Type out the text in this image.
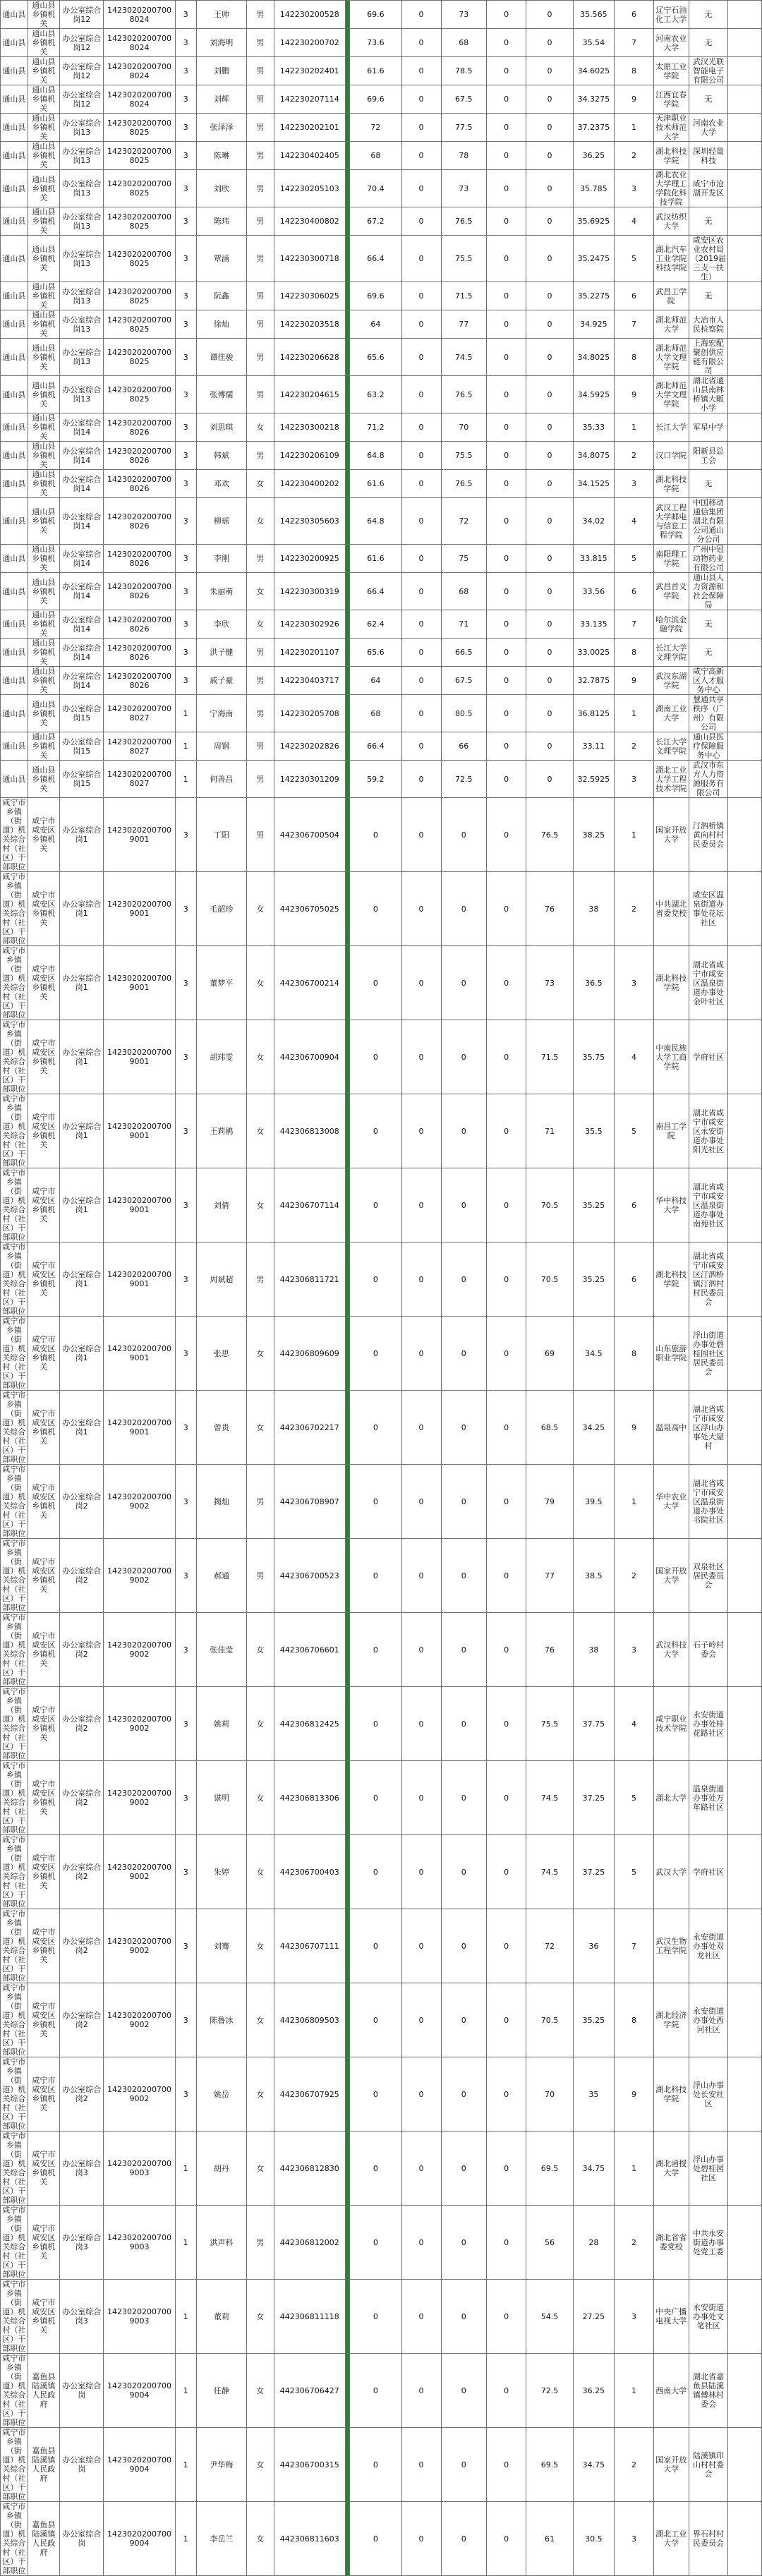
通山县	通山县乡镇机关	办公室综合岗12	14230202007008024	3	王帅	男	142230200528		69.6	0	73	0	0	35.565	6	辽宁石油化工大学	无	
通山县	通山县乡镇机关	办公室综合岗12	14230202007008024	3	刘海明	男	142230200702		73.6	0	68	0	0	35.54	7	河南农业大学	无	
通山县	通山县乡镇机关	办公室综合岗12	14230202007008024	3	刘鹏	男	142230202401		61.6	0	78.5	0	0	34.6025	8	太原工业学院	武汉光联智能电子有限公司	
通山县	通山县乡镇机关	办公室综合岗12	14230202007008024	3	刘辉	男	142230207114		69.6	0	67.5	0	0	34.3275	9	江西宜春学院	无	
通山县	通山县乡镇机关	办公室综合岗13	14230202007008025	3	张泽泽	男	142230202101		72	0	77.5	0	0	37.2375	1	天津职业技术师范大学	河南农业大学	
通山县	通山县乡镇机关	办公室综合岗13	14230202007008025	3	陈琳	男	142230402405		68	0	78	0	0	36.25	2	湖北科技学院	深圳轻量科技	
通山县	通山县乡镇机关	办公室综合岗13	14230202007008025	3	刘欣	男	142230205103		70.4	0	73	0	0	35.785	3	湖北农业大学理工学院化科技学院	咸宁市沧湖开发区	
通山县	通山县乡镇机关	办公室综合岗13	14230202007008025	3	陈玮	男	142230400802		67.2	0	76.5	0	0	35.6925	4	武汉纺织大学	无	
通山县	通山县乡镇机关	办公室综合岗13	14230202007008025	3	覃涵	男	142230300718		66.4	0	75.5	0	0	35.2475	5	湖北汽车工业学院科技学院	咸安区农业农村局（2019届三支一扶生）	
通山县	通山县乡镇机关	办公室综合岗13	14230202007008025	3	阮鑫	男	142230306025		69.6	0	71.5	0	0	35.2275	6	武昌工学院	无	
通山县	通山县乡镇机关	办公室综合岗13	14230202007008025	3	徐灿	男	142230203518		64	0	77	0	0	34.925	7	湖北师范大学	大冶市人民检察院	
通山县	通山县乡镇机关	办公室综合岗13	14230202007008025	3	谭佳骏	男	142230206628		65.6	0	74.5	0	0	34.8025	8	湖北师范大学文理学院	上海宏配聚创供应链有限公司	
通山县	通山县乡镇机关	办公室综合岗13	14230202007008025	3	张博儒	男	142230204615		63.2	0	76.5	0	0	34.5925	9	湖北师范大学文理学院	湖北省通山县南林桥镇大畈小学	
通山县	通山县乡镇机关	办公室综合岗14	14230202007008026	3	刘思琪	女	142230300218		71.2	0	70	0	0	35.33	1	长江大学	军星中学	
通山县	通山县乡镇机关	办公室综合岗14	14230202007008026	3	韩斌	男	142230206109		64.8	0	75.5	0	0	34.8075	2	汉口学院	阳新县总工会	
通山县	通山县乡镇机关	办公室综合岗14	14230202007008026	3	邓欢	女	142230400202		61.6	0	76.5	0	0	34.1525	3	湖北科技学院	无	
通山县	通山县乡镇机关	办公室综合岗14	14230202007008026	3	柳瑶	女	142230305603		64.8	0	72	0	0	34.02	4	武汉工程大学邮电与信息工程学院	中国移动通信集团湖北有限公司通山分公司	
通山县	通山县乡镇机关	办公室综合岗14	14230202007008026	3	李刚	男	142230200925		61.6	0	75	0	0	33.815	5	南阳理工学院	广州中冠动物药业有限公司	
通山县	通山县乡镇机关	办公室综合岗14	14230202007008026	3	朱丽萌	女	142230300319		66.4	0	68	0	0	33.56	6	武昌首义学院	通山县人力资源和社会保障局	
通山县	通山县乡镇机关	办公室综合岗14	14230202007008026	3	李欣	女	142230302926		62.4	0	71	0	0	33.135	7	哈尔滨金融学院	无	
通山县	通山县乡镇机关	办公室综合岗14	14230202007008026	3	洪子健	男	142230201107		65.6	0	66.5	0	0	33.0025	8	长江大学文理学院	无	
通山县	通山县乡镇机关	办公室综合岗14	14230202007008026	3	戚子豪	男	142230403717		64	0	67.5	0	0	32.7875	9	武汉东湖学院	咸宁高新区人才服务中心	
通山县	通山县乡镇机关	办公室综合岗15	14230202007008027	1	宁海南	男	142230205708		68	0	80.5	0	0	36.8125	1	湖南工业大学	慧通共享秩序（广州）有限公司	
通山县	通山县乡镇机关	办公室综合岗15	14230202007008027	1	周钢	男	142230202826		66.4	0	66	0	0	33.11	2	长江大学文理学院	通山县医疗保障服务中心	
通山县	通山县乡镇机关	办公室综合岗15	14230202007008027	1	何善昌	男	142230301209		59.2	0	72.5	0	0	32.5925	3	湖北工业大学工程技术学院	武汉市东方人力资源服务有限公司	
咸宁市乡镇（街道）机关综合村（社区）干部职位	咸宁市咸安区乡镇机关	办公室综合岗1	14230202007009001	3	丁阳	男	442306700504		0	0	0	0	76.5	38.25	1	国家开放大学	汀泗桥镇黄向村村民委员会	
咸宁市乡镇（街道）机关综合村（社区）干部职位	咸宁市咸安区乡镇机关	办公室综合岗1	14230202007009001	3	毛韶珍	女	442306705025		0	0	0	0	76	38	2	中共湖北省委党校	咸安区温泉街道办事处花坛社区	
咸宁市乡镇（街道）机关综合村（社区）干部职位	咸宁市咸安区乡镇机关	办公室综合岗1	14230202007009001	3	董梦平	女	442306700214		0	0	0	0	73	36.5	3	湖北科技学院	湖北省咸宁市咸安区温泉街道办事处金叶社区	
咸宁市乡镇（街道）机关综合村（社区）干部职位	咸宁市咸安区乡镇机关	办公室综合岗1	14230202007009001	3	胡玮雯	女	442306700904		0	0	0	0	71.5	35.75	4	中南民族大学工商学院	学府社区	
咸宁市乡镇（街道）机关综合村（社区）干部职位	咸宁市咸安区乡镇机关	办公室综合岗1	14230202007009001	3	王莉鹃	女	442306813008		0	0	0	0	71	35.5	5	南昌工学院	湖北省咸宁市咸安区永安街道办事处阳光社区	
咸宁市乡镇（街道）机关综合村（社区）干部职位	咸宁市咸安区乡镇机关	办公室综合岗1	14230202007009001	3	刘倩	女	442306707114		0	0	0	0	70.5	35.25	6	华中科技大学	湖北省咸宁市咸安区温泉街道办事处南苑社区	
咸宁市乡镇（街道）机关综合村（社区）干部职位	咸宁市咸安区乡镇机关	办公室综合岗1	14230202007009001	3	周斌超	男	442306811721		0	0	0	0	70.5	35.25	6	湖北科技学院	湖北省咸宁市咸安区汀泗桥镇汀泗村村民委员会	
咸宁市乡镇（街道）机关综合村（社区）干部职位	咸宁市咸安区乡镇机关	办公室综合岗1	14230202007009001	3	张思	女	442306809609		0	0	0	0	69	34.5	8	山东旅游职业学院	浮山街道办事处碧桂园社区居民委员会	
咸宁市乡镇（街道）机关综合村（社区）干部职位	咸宁市咸安区乡镇机关	办公室综合岗1	14230202007009001	3	曾贵	女	442306702217		0	0	0	0	68.5	34.25	9	温泉高中	湖北省咸宁市咸安区浮山办事处大屋村	
咸宁市乡镇（街道）机关综合村（社区）干部职位	咸宁市咸安区乡镇机关	办公室综合岗2	14230202007009002	3	揭灿	男	442306708907		0	0	0	0	79	39.5	1	华中农业大学	湖北省咸宁市咸安区温泉街道办事处书院社区	
咸宁市乡镇（街道）机关综合村（社区）干部职位	咸宁市咸安区乡镇机关	办公室综合岗2	14230202007009002	3	郝通	男	442306700523		0	0	0	0	77	38.5	2	国家开放大学	双泉社区居民委员会	
咸宁市乡镇（街道）机关综合村（社区）干部职位	咸宁市咸安区乡镇机关	办公室综合岗2	14230202007009002	3	张佳莹	女	442306706601		0	0	0	0	76	38	3	武汉科技大学	石子岭村委会	
咸宁市乡镇（街道）机关综合村（社区）干部职位	咸宁市咸安区乡镇机关	办公室综合岗2	14230202007009002	3	姚莉	女	442306812425		0	0	0	0	75.5	37.75	4	咸宁职业技术学院	永安街道办事处桂花路社区	
咸宁市乡镇（街道）机关综合村（社区）干部职位	咸宁市咸安区乡镇机关	办公室综合岗2	14230202007009002	3	谌明	女	442306813306		0	0	0	0	74.5	37.25	5	湖北大学	温泉街道办事处万年路社区	
咸宁市乡镇（街道）机关综合村（社区）干部职位	咸宁市咸安区乡镇机关	办公室综合岗2	14230202007009002	3	朱婷	女	442306700403		0	0	0	0	74.5	37.25	5	武汉大学	学府社区	
咸宁市乡镇（街道）机关综合村（社区）干部职位	咸宁市咸安区乡镇机关	办公室综合岗2	14230202007009002	3	刘骞	女	442306707111		0	0	0	0	72	36	7	武汉生物工程学院	永安街道办事处双龙社区	
咸宁市乡镇（街道）机关综合村（社区）干部职位	咸宁市咸安区乡镇机关	办公室综合岗2	14230202007009002	3	陈鲁冰	女	442306809503		0	0	0	0	70.5	35.25	8	湖北经济学院	永安街道办事处西河社区	
咸宁市乡镇（街道）机关综合村（社区）干部职位	咸宁市咸安区乡镇机关	办公室综合岗2	14230202007009002	3	姚岳	女	442306707925		0	0	0	0	70	35	9	湖北科技学院	浮山办事处长安社区	
咸宁市乡镇（街道）机关综合村（社区）干部职位	咸宁市咸安区乡镇机关	办公室综合岗3	14230202007009003	1	胡丹	女	442306812830		0	0	0	0	69.5	34.75	1	湖北函授大学	浮山办事处碧桂园社区	
咸宁市乡镇（街道）机关综合村（社区）干部职位	咸宁市咸安区乡镇机关	办公室综合岗3	14230202007009003	1	洪声科	男	442306812002		0	0	0	0	56	28	2	湖北省省委党校	中共永安街道办事处党工委	
咸宁市乡镇（街道）机关综合村（社区）干部职位	咸宁市咸安区乡镇机关	办公室综合岗3	14230202007009003	1	董莉	女	442306811118		0	0	0	0	54.5	27.25	3	中央广播电视大学	永安街道办事处文笔社区	
咸宁市乡镇（街道）机关综合村（社区）干部职位	嘉鱼县陆溪镇人民政府	办公室综合岗	14230202007009004	1	任静	女	442306706427		0	0	0	0	72.5	36.25	1	西南大学	湖北省嘉鱼县陆溪镇傅林村委会	
咸宁市乡镇（街道）机关综合村（社区）干部职位	嘉鱼县陆溪镇人民政府	办公室综合岗	14230202007009004	1	尹华梅	女	442306700315		0	0	0	0	69.5	34.75	2	国家开放大学	陆溪镇印山村村委会	
咸宁市乡镇（街道）机关综合村（社区）干部职位	嘉鱼县陆溪镇人民政府	办公室综合岗	14230202007009004	1	李岳兰	女	442306811603		0	0	0	0	61	30.5	3	湖北工业大学	界石村村民委员会	
